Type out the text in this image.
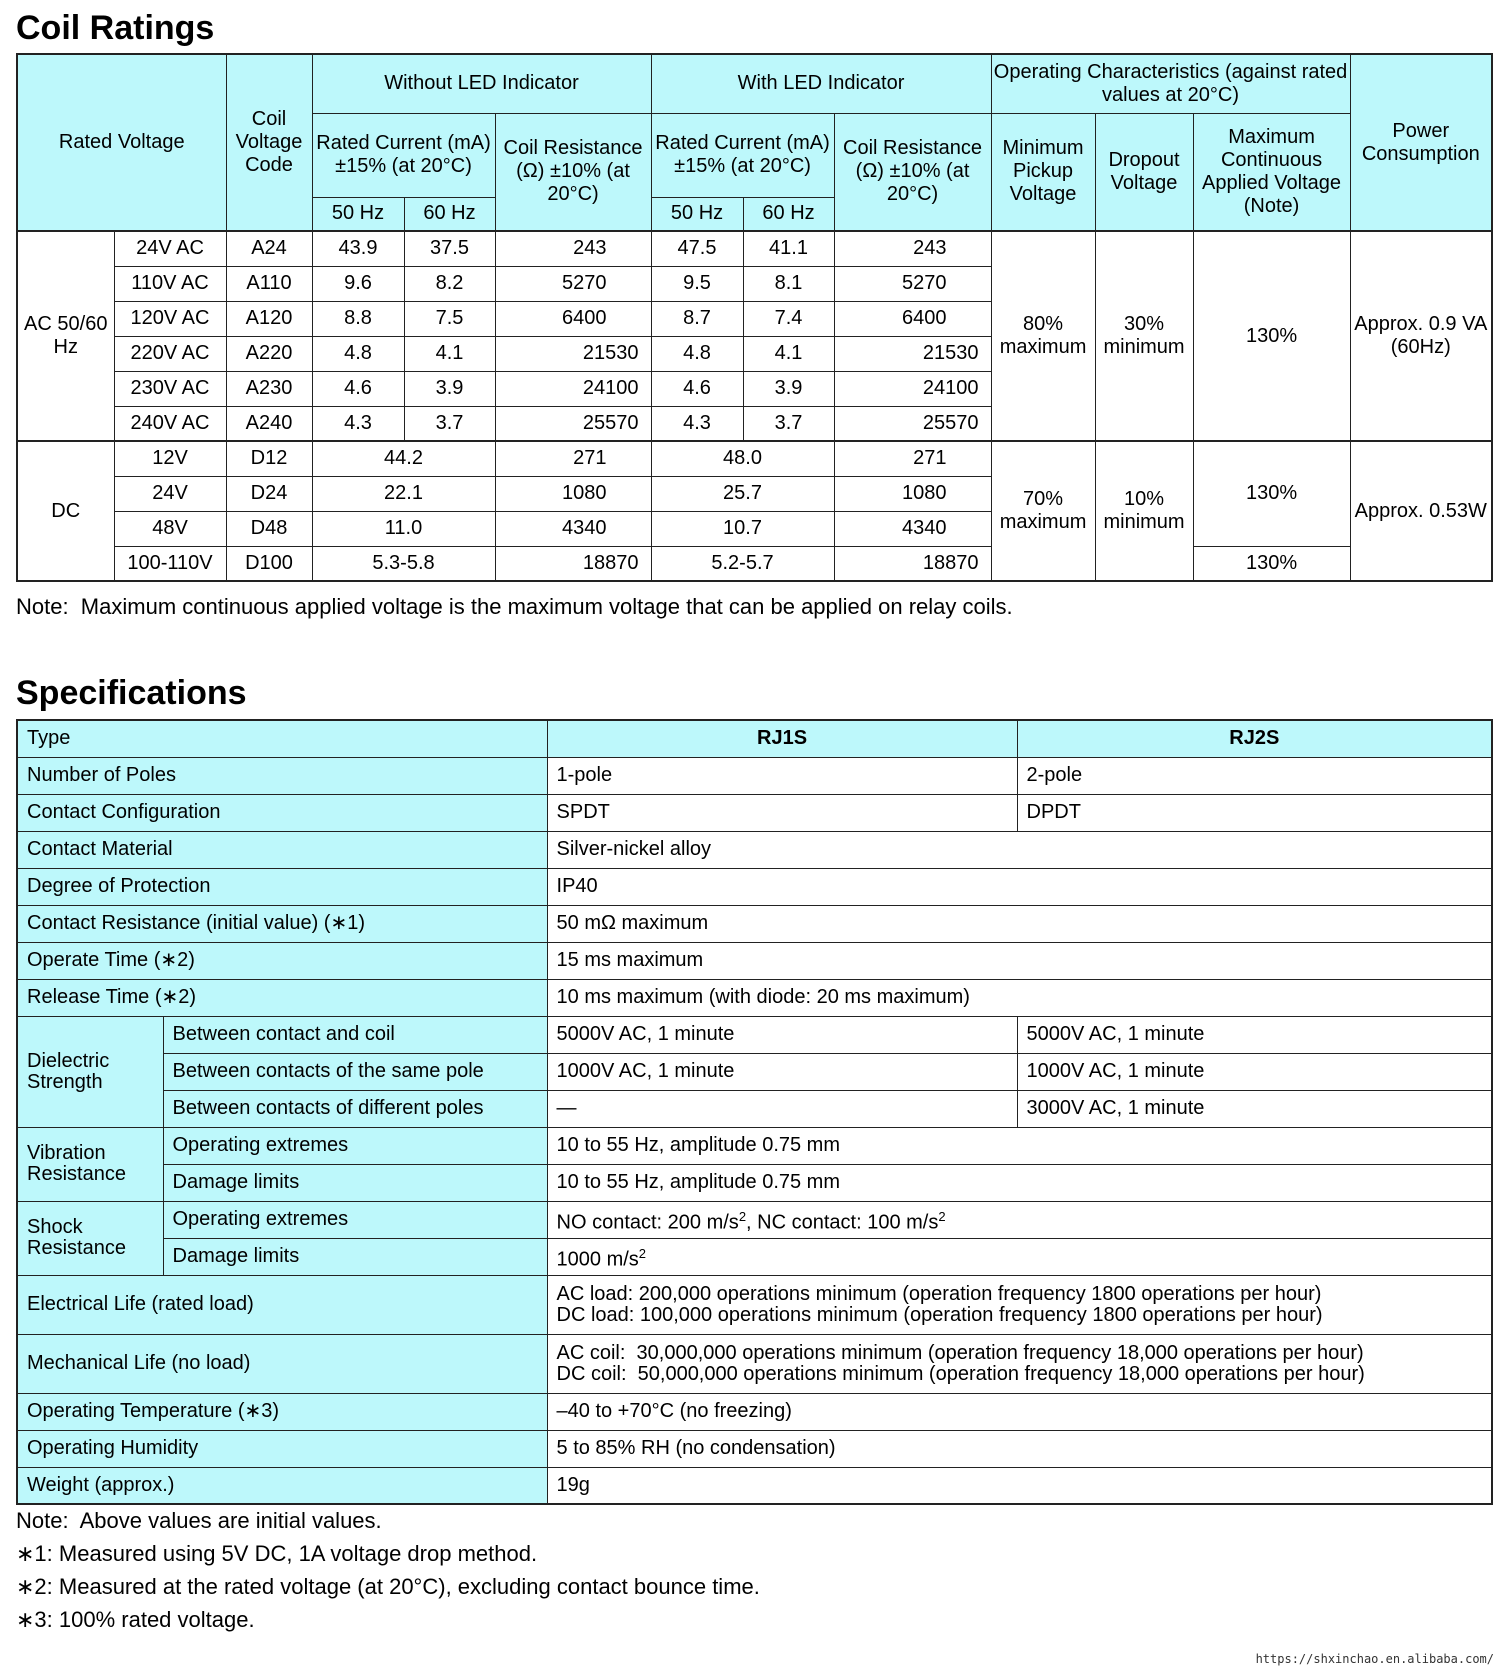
Coil Ratings
Rated Voltage		Coil Voltage Code	Without LED Indicator			With LED Indicator			Operating Characteristics (against rated values at 20°C)			Power Consumption
			Rated Current (mA) ±15% (at 20°C)		Coil Resistance (Ω) ±10% (at 20°C)	Rated Current (mA) ±15% (at 20°C)		Coil Resistance (Ω) ±10% (at 20°C)	Minimum Pickup Voltage	Dropout Voltage	Maximum Continuous Applied Voltage (Note)	
			50 Hz	60 Hz		50 Hz	60 Hz					
AC 50/60 Hz	24V AC	A24	43.9	37.5	243	47.5	41.1	243	80% maximum	30% minimum	130%	Approx. 0.9 VA (60Hz)
	110V AC	A110	9.6	8.2	5270	9.5	8.1	5270				
	120V AC	A120	8.8	7.5	6400	8.7	7.4	6400				
	220V AC	A220	4.8	4.1	21530	4.8	4.1	21530				
	230V AC	A230	4.6	3.9	24100	4.6	3.9	24100				
	240V AC	A240	4.3	3.7	25570	4.3	3.7	25570				
DC	12V	D12	44.2		271	48.0		271	70% maximum	10% minimum	130%	Approx. 0.53W
	24V	D24	22.1		1080	25.7		1080				
	48V	D48	11.0		4340	10.7		4340				
	100-110V	D100	5.3-5.8		18870	5.2-5.7		18870			130%	
Note:  Maximum continuous applied voltage is the maximum voltage that can be applied on relay coils.
Specifications
Type		RJ1S	RJ2S
Number of Poles		1-pole	2-pole
Contact Configuration		SPDT	DPDT
Contact Material		Silver-nickel alloy	
Degree of Protection		IP40	
Contact Resistance (initial value) (∗1)		50 mΩ maximum	
Operate Time (∗2)		15 ms maximum	
Release Time (∗2)		10 ms maximum (with diode: 20 ms maximum)	
Dielectric Strength	Between contact and coil	5000V AC, 1 minute	5000V AC, 1 minute
	Between contacts of the same pole	1000V AC, 1 minute	1000V AC, 1 minute
	Between contacts of different poles	—	3000V AC, 1 minute
Vibration Resistance	Operating extremes	10 to 55 Hz, amplitude 0.75 mm	
	Damage limits	10 to 55 Hz, amplitude 0.75 mm	
Shock Resistance	Operating extremes	NO contact: 200 $m/s^2$, NC contact: 100 $m/s^2$
	Damage limits	1000 $m/s^2$
Electrical Life (rated load)		AC load: 200,000 operations minimum (operation frequency 1800 operations per hour)
DC load: 100,000 operations minimum (operation frequency 1800 operations per hour)	

Mechanical Life (no load)		AC coil:  30,000,000 operations minimum (operation frequency 18,000 operations per hour)
DC coil:  50,000,000 operations minimum (operation frequency 18,000 operations per hour)	

Operating Temperature (∗3)		–40 to +70°C (no freezing)	
Operating Humidity		5 to 85% RH (no condensation)	
Weight (approx.)		19g	
Note:  Above values are initial values.
∗1: Measured using 5V DC, 1A voltage drop method.
∗2: Measured at the rated voltage (at 20°C), excluding contact bounce time.
∗3: 100% rated voltage.
https://shxinchao.en.alibaba.com/
